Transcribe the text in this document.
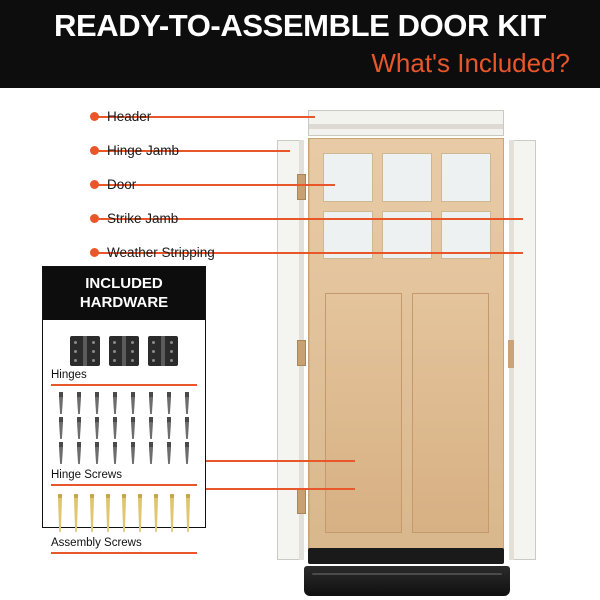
READY-TO-ASSEMBLE DOOR KIT
What's Included?
Header
Hinge Jamb
Door
Strike Jamb
Weather Stripping
INCLUDED
HARDWARE
Hinges
Hinge Screws
Assembly Screws
